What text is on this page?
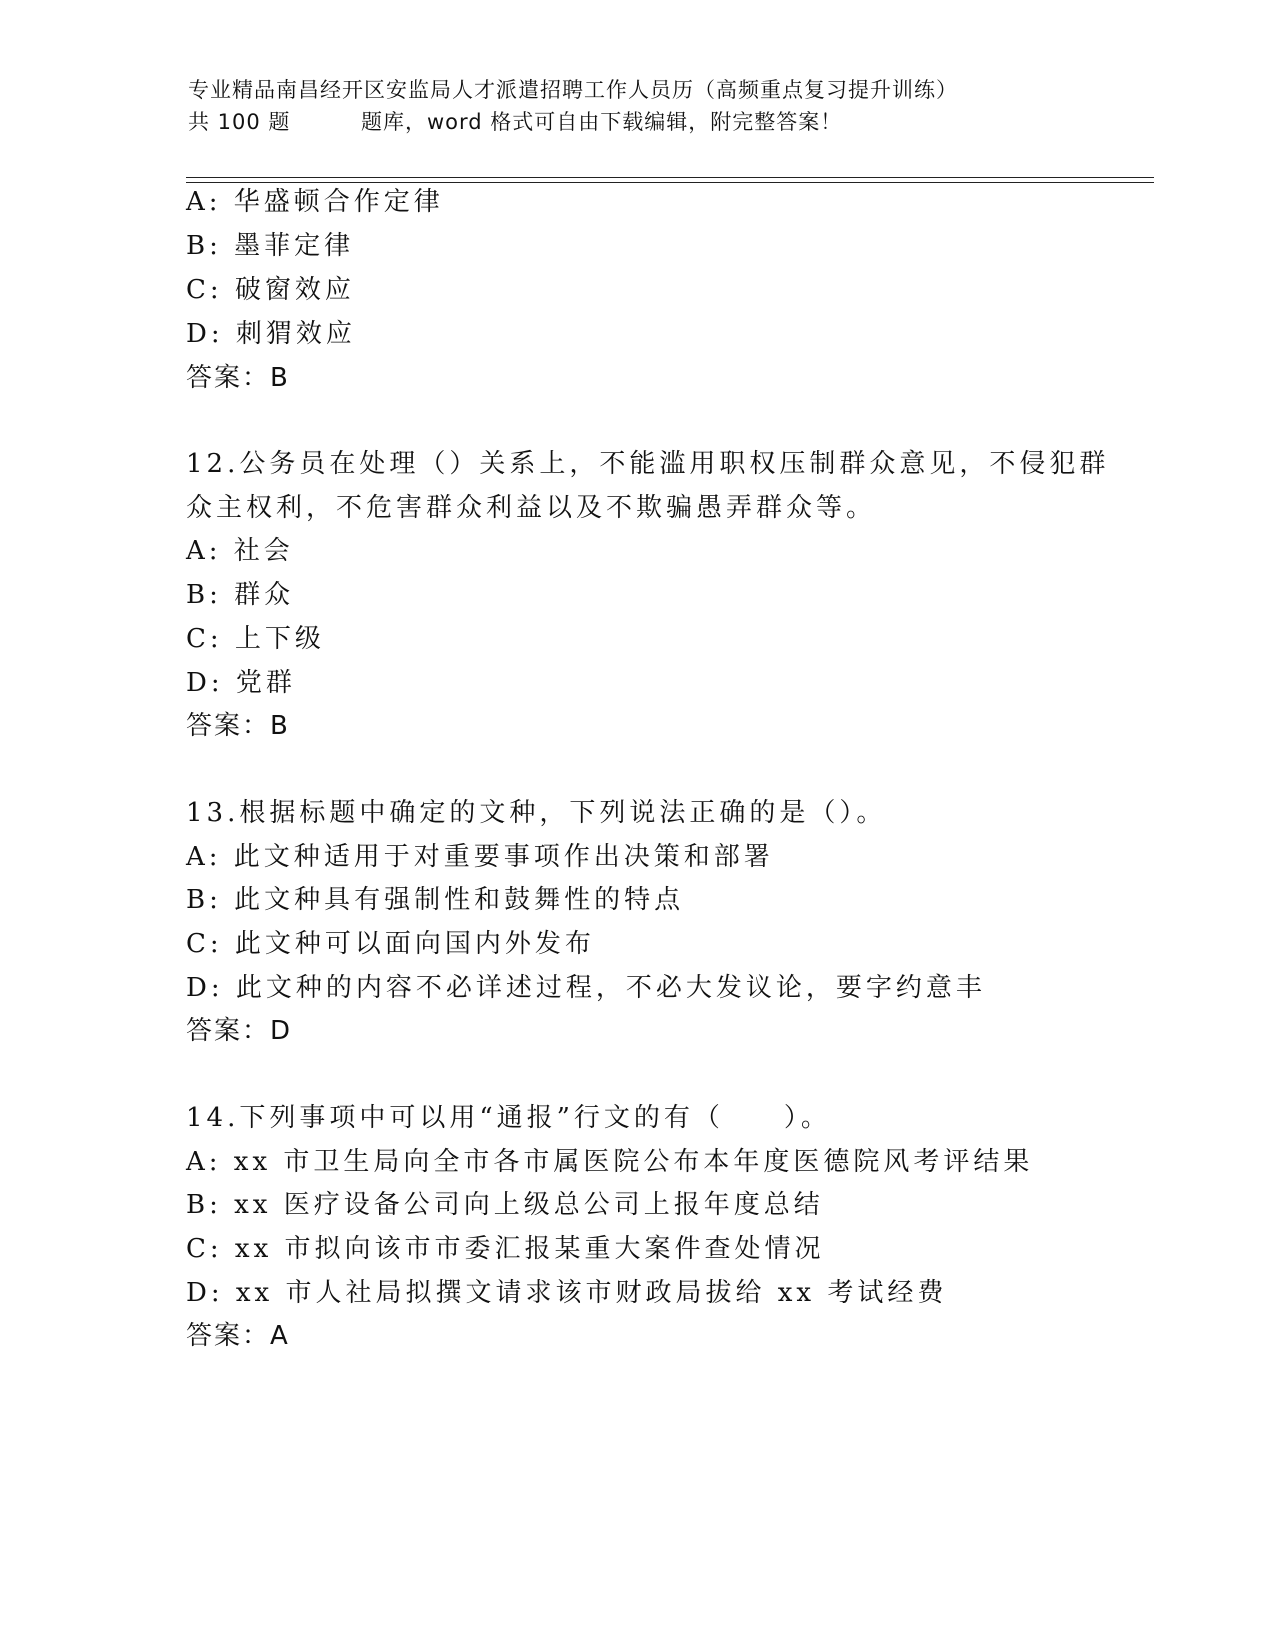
专业精品南昌经开区安监局人才派遣招聘工作人员历（高频重点复习提升训练）
共 100 题	题库，word 格式可自由下载编辑，附完整答案！
A: 华盛顿合作定律
B: 墨菲定律
C: 破窗效应
D: 刺猬效应
答案：B
12.公务员在处理（）关系上，不能滥用职权压制群众意见，不侵犯群
众主权利，不危害群众利益以及不欺骗愚弄群众等。
A: 社会
B: 群众
C: 上下级
D: 党群
答案：B
13.根据标题中确定的文种，下列说法正确的是（）。
A: 此文种适用于对重要事项作出决策和部署
B: 此文种具有强制性和鼓舞性的特点
C: 此文种可以面向国内外发布
D: 此文种的内容不必详述过程，不必大发议论，要字约意丰
答案：D
14.下列事项中可以用“通报”行文的有（　　）。
A: xx 市卫生局向全市各市属医院公布本年度医德院风考评结果
B: xx 医疗设备公司向上级总公司上报年度总结
C: xx 市拟向该市市委汇报某重大案件查处情况
D: xx 市人社局拟撰文请求该市财政局拔给 xx 考试经费
答案：A
